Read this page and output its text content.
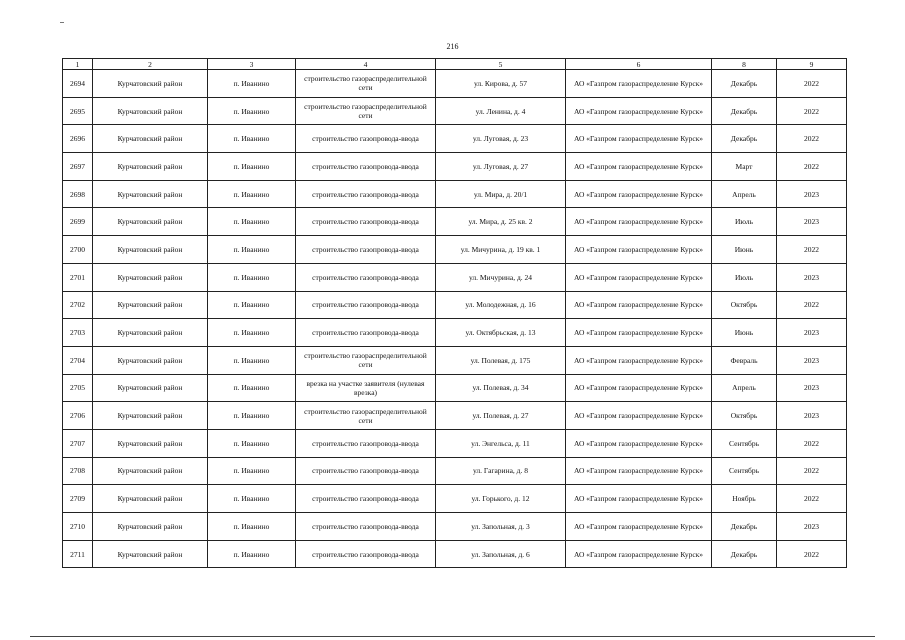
216
1	2	3	4	5	6	8	9
2694	Курчатовский район	п. Иванино	строительство газораспределительной сети	ул. Кирова, д. 57	АО «Газпром газораспределение Курск»	Декабрь	2022
2695	Курчатовский район	п. Иванино	строительство газораспределительной сети	ул. Ленина, д. 4	АО «Газпром газораспределение Курск»	Декабрь	2022
2696	Курчатовский район	п. Иванино	строительство газопровода-ввода	ул. Луговая, д. 23	АО «Газпром газораспределение Курск»	Декабрь	2022
2697	Курчатовский район	п. Иванино	строительство газопровода-ввода	ул. Луговая, д. 27	АО «Газпром газораспределение Курск»	Март	2022
2698	Курчатовский район	п. Иванино	строительство газопровода-ввода	ул. Мира, д. 20/1	АО «Газпром газораспределение Курск»	Апрель	2023
2699	Курчатовский район	п. Иванино	строительство газопровода-ввода	ул. Мира, д. 25 кв. 2	АО «Газпром газораспределение Курск»	Июль	2023
2700	Курчатовский район	п. Иванино	строительство газопровода-ввода	ул. Мичурина, д. 19 кв. 1	АО «Газпром газораспределение Курск»	Июнь	2022
2701	Курчатовский район	п. Иванино	строительство газопровода-ввода	ул. Мичурина, д. 24	АО «Газпром газораспределение Курск»	Июль	2023
2702	Курчатовский район	п. Иванино	строительство газопровода-ввода	ул. Молодежная, д. 16	АО «Газпром газораспределение Курск»	Октябрь	2022
2703	Курчатовский район	п. Иванино	строительство газопровода-ввода	ул. Октябрьская, д. 13	АО «Газпром газораспределение Курск»	Июнь	2023
2704	Курчатовский район	п. Иванино	строительство газораспределительной сети	ул. Полевая, д. 175	АО «Газпром газораспределение Курск»	Февраль	2023
2705	Курчатовский район	п. Иванино	врезка на участке заявителя (нулевая врезка)	ул. Полевая, д. 34	АО «Газпром газораспределение Курск»	Апрель	2023
2706	Курчатовский район	п. Иванино	строительство газораспределительной сети	ул. Полевая, д. 27	АО «Газпром газораспределение Курск»	Октябрь	2023
2707	Курчатовский район	п. Иванино	строительство газопровода-ввода	ул. Энгельса, д. 11	АО «Газпром газораспределение Курск»	Сентябрь	2022
2708	Курчатовский район	п. Иванино	строительство газопровода-ввода	ул. Гагарина, д. 8	АО «Газпром газораспределение Курск»	Сентябрь	2022
2709	Курчатовский район	п. Иванино	строительство газопровода-ввода	ул. Горького, д. 12	АО «Газпром газораспределение Курск»	Ноябрь	2022
2710	Курчатовский район	п. Иванино	строительство газопровода-ввода	ул. Запольная, д. 3	АО «Газпром газораспределение Курск»	Декабрь	2023
2711	Курчатовский район	п. Иванино	строительство газопровода-ввода	ул. Запольная, д. 6	АО «Газпром газораспределение Курск»	Декабрь	2022
